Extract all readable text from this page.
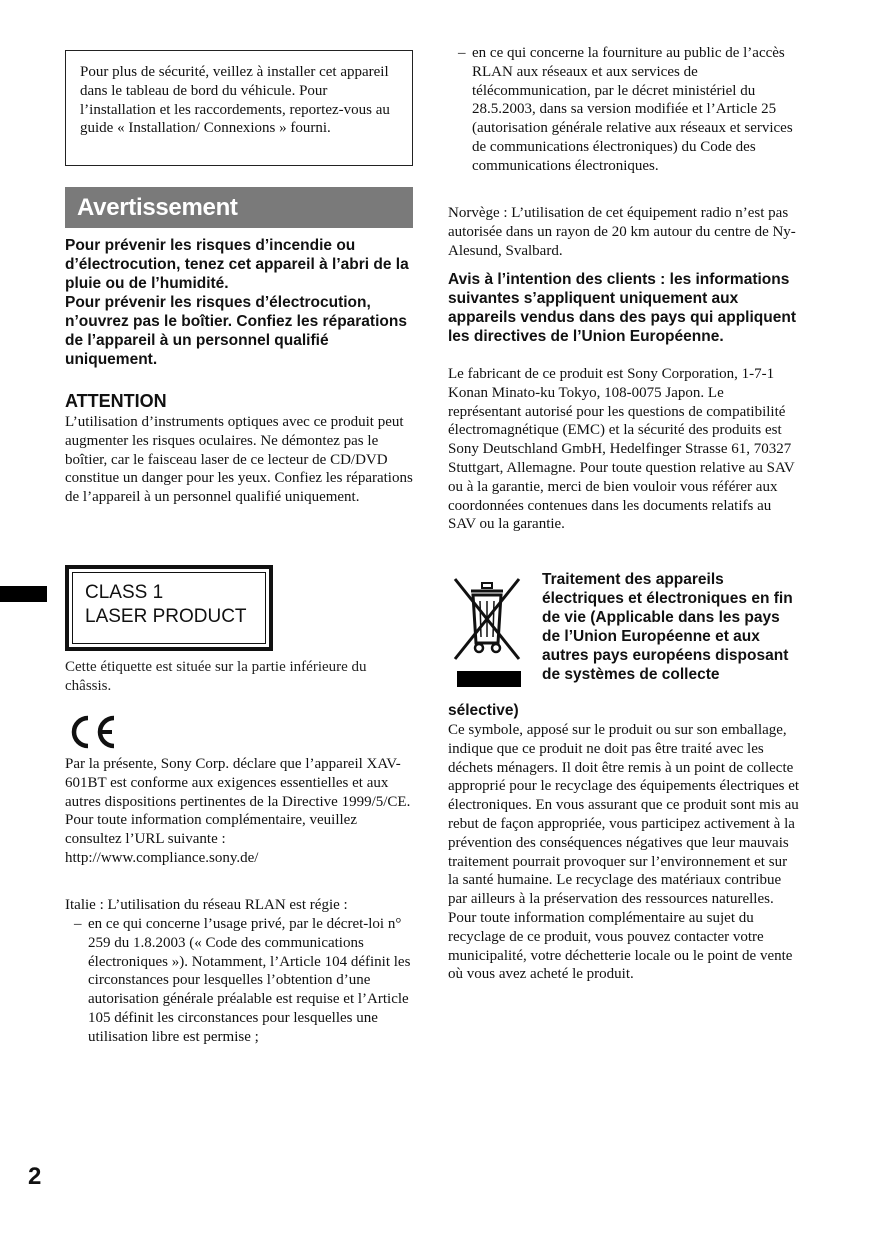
Pour plus de sécurité, veillez à installer cet appareil dans le tableau de bord du véhicule. Pour l’installation et les raccordements, reportez-vous au guide « Installation/ Connexions » fourni.

Avertissement

Pour prévenir les risques d’incendie ou d’électrocution, tenez cet appareil à l’abri de la pluie ou de l’humidité.

Pour prévenir les risques d’électrocution, n’ouvrez pas le boîtier. Confiez les réparations de l’appareil à un personnel qualifié uniquement.

ATTENTION
L’utilisation d’instruments optiques avec ce produit peut augmenter les risques oculaires. Ne démontez pas le boîtier, car le faisceau laser de ce lecteur de CD/DVD constitue un danger pour les yeux. Confiez les réparations de l’appareil à un personnel qualifié uniquement.
CLASS 1
LASER PRODUCT
Cette étiquette est située sur la partie inférieure du châssis.

Par la présente, Sony Corp. déclare que l’appareil XAV-601BT est conforme aux exigences essentielles et aux autres dispositions pertinentes de la Directive 1999/5/CE.

Pour toute information complémentaire, veuillez consultez l’URL suivante :

http://www.compliance.sony.de/

Italie : L’utilisation du réseau RLAN est régie :
– en ce qui concerne l’usage privé, par le décret-loi n° 259 du 1.8.2003 (« Code des communications électroniques »). Notamment, l’Article 104 définit les circonstances pour lesquelles l’obtention d’une autorisation générale préalable est requise et l’Article 105 définit les circonstances pour lesquelles une utilisation libre est permise ;
2
– en ce qui concerne la fourniture au public de l’accès RLAN aux réseaux et aux services de télécommunication, par le décret ministériel du 28.5.2003, dans sa version modifiée et l’Article 25 (autorisation générale relative aux réseaux et services de communications électroniques) du Code des communications électroniques.
Norvège : L’utilisation de cet équipement radio n’est pas autorisée dans un rayon de 20 km autour du centre de Ny-Alesund, Svalbard.
Avis à l’intention des clients : les informations suivantes s’appliquent uniquement aux appareils vendus dans des pays qui appliquent les directives de l’Union Européenne.
Le fabricant de ce produit est Sony Corporation, 1-7-1 Konan Minato-ku Tokyo, 108-0075 Japon. Le représentant autorisé pour les questions de compatibilité électromagnétique (EMC) et la sécurité des produits est Sony Deutschland GmbH, Hedelfinger Strasse 61, 70327 Stuttgart, Allemagne. Pour toute question relative au SAV ou à la garantie, merci de bien vouloir vous référer aux coordonnées contenues dans les documents relatifs au SAV ou la garantie.
Traitement des appareils électriques et électroniques en fin de vie (Applicable dans les pays de l’Union Européenne et aux autres pays européens disposant de systèmes de collecte
sélective)
Ce symbole, apposé sur le produit ou sur son emballage, indique que ce produit ne doit pas être traité avec les déchets ménagers. Il doit être remis à un point de collecte approprié pour le recyclage des équipements électriques et électroniques. En vous assurant que ce produit sont mis au rebut de façon appropriée, vous participez activement à la prévention des conséquences négatives que leur mauvais traitement pourrait provoquer sur l’environnement et sur la santé humaine. Le recyclage des matériaux contribue par ailleurs à la préservation des ressources naturelles. Pour toute information complémentaire au sujet du recyclage de ce produit, vous pouvez contacter votre municipalité, votre déchetterie locale ou le point de vente où vous avez acheté le produit.
